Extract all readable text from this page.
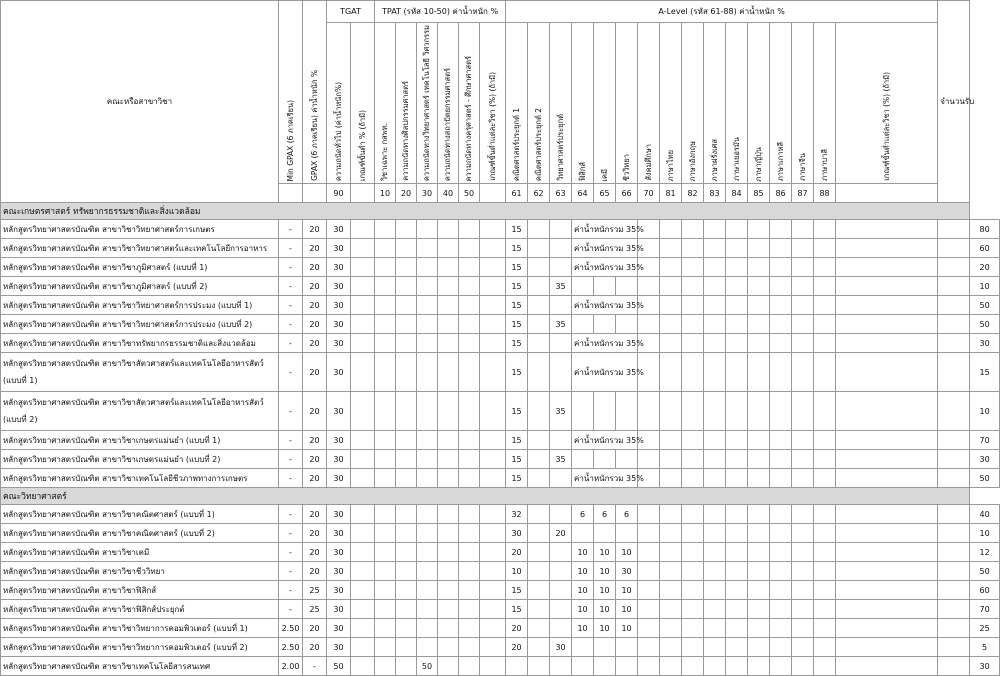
คณะหรือสาขาวิชา	Min GPAX (6 ภาคเรียน)	GPAX (6 ภาคเรียน) ค่าน้ำหนัก %	TGAT		TPAT (รหัส 10-50) ค่าน้ำหนัก %						A-Level (รหัส 61-88) ค่าน้ำหนัก %																จำนวนรับ	

			ความถนัดทั่วไป (ค่าน้ำหนัก%)	เกณฑ์ขั้นต่ำ % (ถ้ามี)	วิชาเฉพาะ กสพท.	ความถนัดทางศิลปกรรมศาสตร์	ความถนัดทางวิทยาศาสตร์ เทคโนโลยี วิศวกรรม	ความถนัดทางสถาปัตยกรรมศาสตร์	ความถนัดทางครุศาสตร์ - ศึกษาศาสตร์	เกณฑ์ขั้นต่ำแต่ละวิชา (%) (ถ้ามี)	คณิตศาสตร์ประยุกต์ 1	คณิตศาสตร์ประยุกต์ 2	วิทยาศาสตร์ประยุกต์	ฟิสิกส์	เคมี	ชีววิทยา	สังคมศึกษา	ภาษาไทย	ภาษาอังกฤษ	ภาษาฝรั่งเศส	ภาษาเยอรมัน	ภาษาญี่ปุ่น	ภาษาเกาหลี	ภาษาจีน	ภาษาบาลี	เกณฑ์ขั้นต่ำแต่ละวิชา (%) (ถ้ามี)		

			90		10	20	30	40	50		61	62	63	64	65	66	70	81	82	83	84	85	86	87	88			
คณะเกษตรศาสตร์ ทรัพยากรธรรมชาติและสิ่งแวดล้อม																												
หลักสูตรวิทยาศาสตรบัณฑิต สาขาวิชาวิทยาศาสตร์การเกษตร	-	20	30								15			ค่าน้ำหนักรวม 35%														80
หลักสูตรวิทยาศาสตรบัณฑิต สาขาวิชาวิทยาศาสตร์และเทคโนโลยีการอาหาร	-	20	30								15			ค่าน้ำหนักรวม 35%														60
หลักสูตรวิทยาศาสตรบัณฑิต สาขาวิชาภูมิศาสตร์ (แบบที่ 1)	-	20	30								15			ค่าน้ำหนักรวม 35%														20
หลักสูตรวิทยาศาสตรบัณฑิต สาขาวิชาภูมิศาสตร์ (แบบที่ 2)	-	20	30								15		35															10
หลักสูตรวิทยาศาสตรบัณฑิต สาขาวิชาวิทยาศาสตร์การประมง (แบบที่ 1)	-	20	30								15			ค่าน้ำหนักรวม 35%														50
หลักสูตรวิทยาศาสตรบัณฑิต สาขาวิชาวิทยาศาสตร์การประมง (แบบที่ 2)	-	20	30								15		35															50
หลักสูตรวิทยาศาสตรบัณฑิต สาขาวิชาทรัพยากรธรรมชาติและสิ่งแวดล้อม	-	20	30								15			ค่าน้ำหนักรวม 35%														30
หลักสูตรวิทยาศาสตรบัณฑิต สาขาวิชาสัตวศาสตร์และเทคโนโลยีอาหารสัตว์ (แบบที่ 1)	-	20	30								15			ค่าน้ำหนักรวม 35%														15
หลักสูตรวิทยาศาสตรบัณฑิต สาขาวิชาสัตวศาสตร์และเทคโนโลยีอาหารสัตว์ (แบบที่ 2)	-	20	30								15		35															10
หลักสูตรวิทยาศาสตรบัณฑิต สาขาวิชาเกษตรแม่นยำ (แบบที่ 1)	-	20	30								15			ค่าน้ำหนักรวม 35%														70
หลักสูตรวิทยาศาสตรบัณฑิต สาขาวิชาเกษตรแม่นยำ (แบบที่ 2)	-	20	30								15		35															30
หลักสูตรวิทยาศาสตรบัณฑิต สาขาวิชาเทคโนโลยีชีวภาพทางการเกษตร	-	20	30								15			ค่าน้ำหนักรวม 35%														50
คณะวิทยาศาสตร์																												
หลักสูตรวิทยาศาสตรบัณฑิต สาขาวิชาคณิตศาสตร์ (แบบที่ 1)	-	20	30								32			6	6	6												40
หลักสูตรวิทยาศาสตรบัณฑิต สาขาวิชาคณิตศาสตร์ (แบบที่ 2)	-	20	30								30		20															10
หลักสูตรวิทยาศาสตรบัณฑิต สาขาวิชาเคมี	-	20	30								20			10	10	10												12
หลักสูตรวิทยาศาสตรบัณฑิต สาขาวิชาชีววิทยา	-	20	30								10			10	10	30												50
หลักสูตรวิทยาศาสตรบัณฑิต สาขาวิชาฟิสิกส์	-	25	30								15			10	10	10												60
หลักสูตรวิทยาศาสตรบัณฑิต สาขาวิชาฟิสิกส์ประยุกต์	-	25	30								15			10	10	10												70
หลักสูตรวิทยาศาสตรบัณฑิต สาขาวิชาวิทยาการคอมพิวเตอร์ (แบบที่ 1)	2.50	20	30								20			10	10	10												25
หลักสูตรวิทยาศาสตรบัณฑิต สาขาวิชาวิทยาการคอมพิวเตอร์ (แบบที่ 2)	2.50	20	30								20		30															5
หลักสูตรวิทยาศาสตรบัณฑิต สาขาวิชาเทคโนโลยีสารสนเทศ	2.00	-	50				50																					30
